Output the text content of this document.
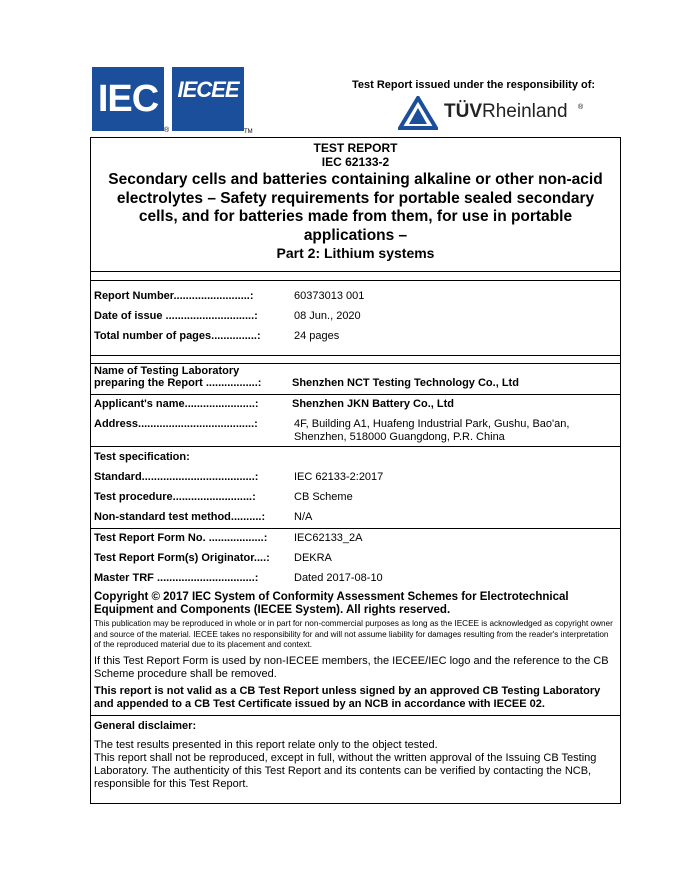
IEC
®
IECEE
TM
Test Report issued under the responsibility of:
TÜVRheinland ®
TEST REPORT
IEC 62133-2
Secondary cells and batteries containing alkaline or other non-acid electrolytes – Safety requirements for portable sealed secondary cells, and for batteries made from them, for use in portable applications –
Part 2: Lithium systems
Report Number.........................:	60373013 001
Date of issue .............................:	08 Jun., 2020
Total number of pages...............:	24 pages
Name of Testing Laboratory
preparing the Report .................:	Shenzhen NCT Testing Technology Co., Ltd
Applicant's name.......................:	Shenzhen JKN Battery Co., Ltd
Address......................................:	4F, Building A1, Huafeng Industrial Park, Gushu, Bao'an,
Shenzhen, 518000 Guangdong, P.R. China
Test specification:
Standard.....................................:	IEC 62133-2:2017
Test procedure..........................:	CB Scheme
Non-standard test method..........:	N/A
Test Report Form No. ..................: IEC62133_2A
Test Report Form(s) Originator....: DEKRA
Master TRF ................................:	Dated 2017-08-10
Copyright © 2017 IEC System of Conformity Assessment Schemes for Electrotechnical Equipment and Components (IECEE System). All rights reserved.
This publication may be reproduced in whole or in part for non-commercial purposes as long as the IECEE is acknowledged as copyright owner and source of the material. IECEE takes no responsibility for and will not assume liability for damages resulting from the reader's interpretation of the reproduced material due to its placement and context.
If this Test Report Form is used by non-IECEE members, the IECEE/IEC logo and the reference to the CB Scheme procedure shall be removed.
This report is not valid as a CB Test Report unless signed by an approved CB Testing Laboratory and appended to a CB Test Certificate issued by an NCB in accordance with IECEE 02.
General disclaimer:
The test results presented in this report relate only to the object tested.
This report shall not be reproduced, except in full, without the written approval of the Issuing CB Testing Laboratory. The authenticity of this Test Report and its contents can be verified by contacting the NCB, responsible for this Test Report.
